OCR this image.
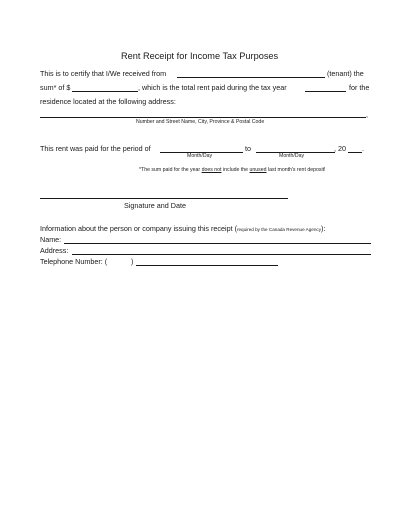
Rent Receipt for Income Tax Purposes
This is to certify that I/We received from	(tenant) the
sum* of $	, which is the total rent paid during the tax year	for the
residence located at the following address:
,
Number and Street Name, City, Province & Postal Code
This rent was paid for the period of	to	, 20 .
Month/Day	Month/Day
*The sum paid for the year does not include the unused last month's rent deposit!
Signature and Date
Information about the person or company issuing this receipt (required by the Canada Revenue Agency):
Name:
Address:
Telephone Number: (	)
